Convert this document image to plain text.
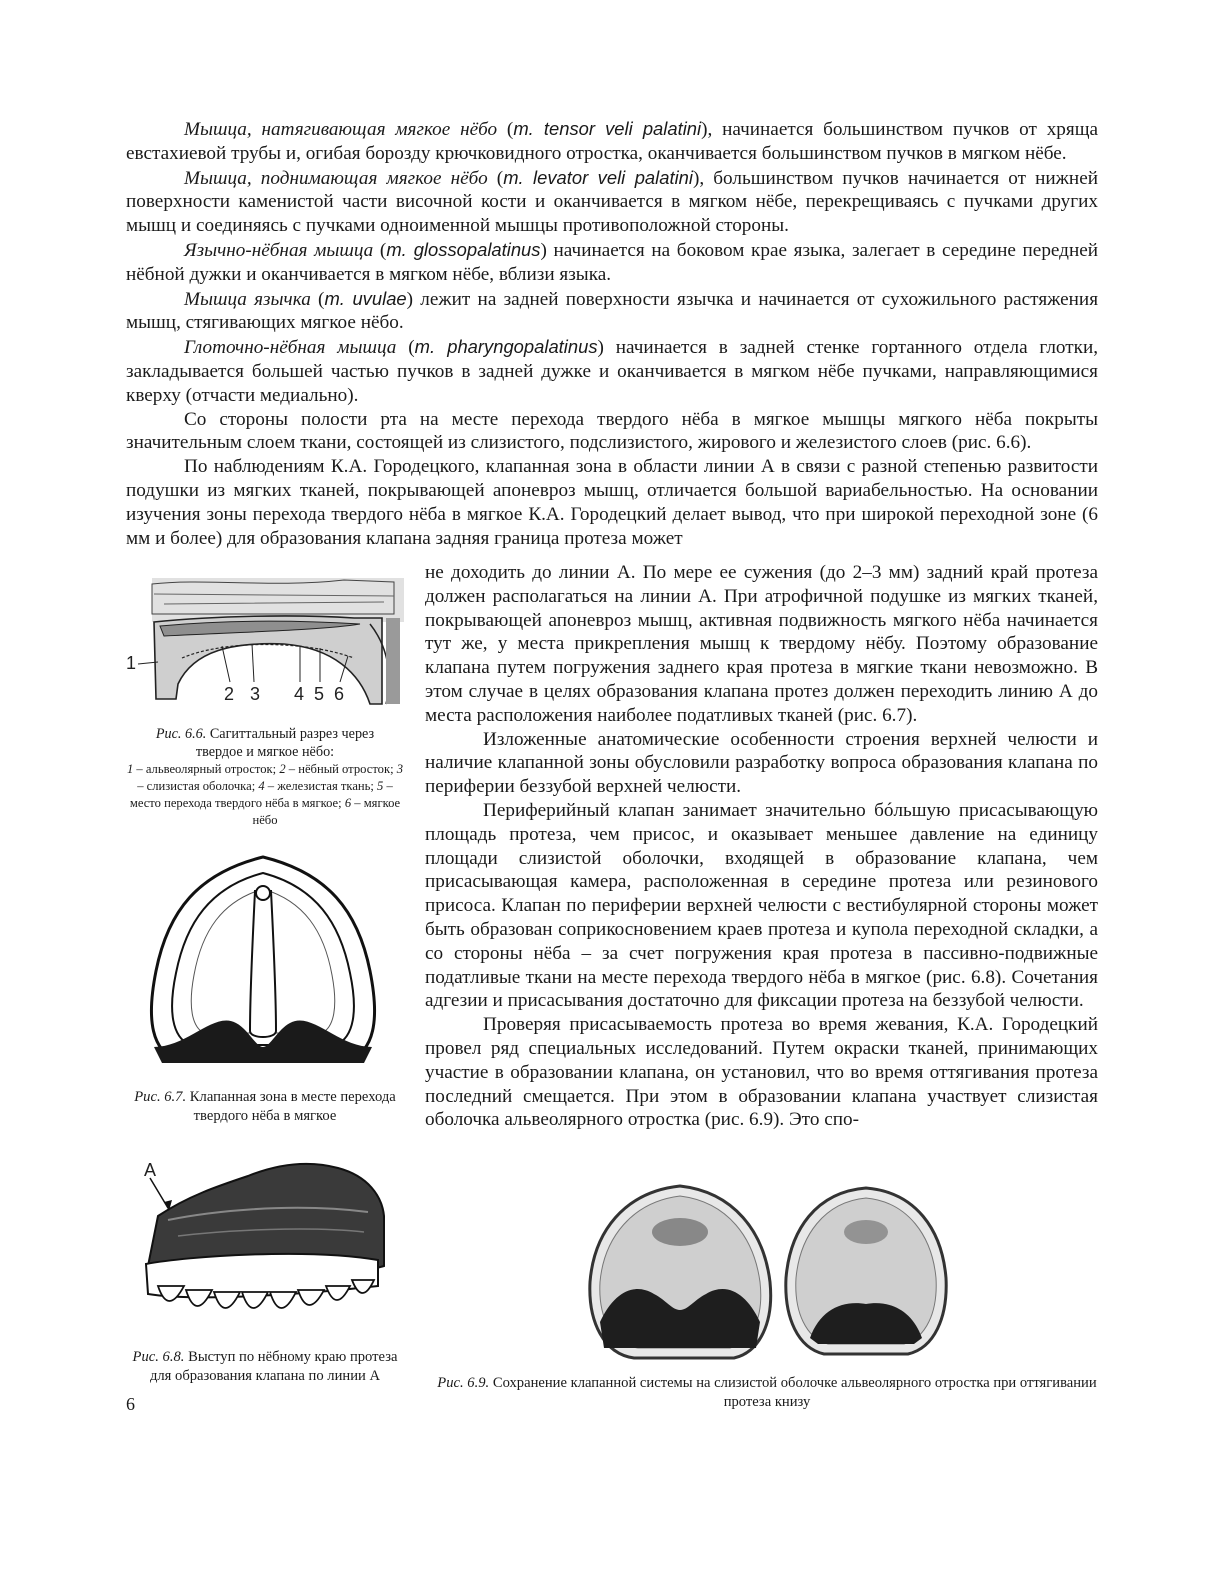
Мышца, натягивающая мягкое нёбо (m. tensor veli palatini), начинается большинством пучков от хряща евстахиевой трубы и, огибая борозду крючковидного отростка, оканчивается большинством пучков в мягком нёбе.

Мышца, поднимающая мягкое нёбо (m. levator veli palatini), большинством пучков начинается от нижней поверхности каменистой части височной кости и оканчивается в мягком нёбе, перекрещиваясь с пучками других мышц и соединяясь с пучками одноименной мышцы противоположной стороны.

Язычно-нёбная мышца (m. glossopalatinus) начинается на боковом крае языка, залегает в середине передней нёбной дужки и оканчивается в мягком нёбе, вблизи языка.

Мышца язычка (m. uvulae) лежит на задней поверхности язычка и начинается от сухожильного растяжения мышц, стягивающих мягкое нёбо.

Глоточно-нёбная мышца (m. pharyngopalatinus) начинается в задней стенке гортанного отдела глотки, закладывается большей частью пучков в задней дужке и оканчивается в мягком нёбе пучками, направляющимися кверху (отчасти медиально).

Со стороны полости рта на месте перехода твердого нёба в мягкое мышцы мягкого нёба покрыты значительным слоем ткани, состоящей из слизистого, подслизистого, жирового и железистого слоев (рис. 6.6).

По наблюдениям К.А. Городецкого, клапанная зона в области линии А в связи с разной степенью развитости подушки из мягких тканей, покрывающей апоневроз мышц, отличается большой вариабельностью. На основании изучения зоны перехода твердого нёба в мягкое К.А. Городецкий делает вывод, что при широкой переходной зоне (6 мм и более) для образования клапана задняя граница протеза может

не доходить до линии А. По мере ее сужения (до 2–3 мм) задний край протеза должен располагаться на линии А. При атрофичной подушке из мягких тканей, покрывающей апоневроз мышц, активная подвижность мягкого нёба начинается тут же, у места прикрепления мышц к твердому нёбу. Поэтому образование клапана путем погружения заднего края протеза в мягкие ткани невозможно. В этом случае в целях образования клапана протез должен переходить линию А до места расположения наиболее податливых тканей (рис. 6.7).

Изложенные анатомические особенности строения верхней челюсти и наличие клапанной зоны обусловили разработку вопроса образования клапана по периферии беззубой верхней челюсти.

Периферийный клапан занимает значительно бóльшую присасывающую площадь протеза, чем присос, и оказывает меньшее давление на единицу площади слизистой оболочки, входящей в образование клапана, чем присасывающая камера, расположенная в середине протеза или резинового присоса. Клапан по периферии верхней челюсти с вестибулярной стороны может быть образован соприкосновением краев протеза и купола переходной складки, а со стороны нёба – за счет погружения края протеза в пассивно-подвижные податливые ткани на месте перехода твердого нёба в мягкое (рис. 6.8). Сочетания адгезии и присасывания достаточно для фиксации протеза на беззубой челюсти.

Проверяя присасываемость протеза во время жевания, К.А. Городецкий провел ряд специальных исследований. Путем окраски тканей, принимающих участие в образовании клапана, он установил, что во время оттягивания протеза последний смещается. При этом в образовании клапана участвует слизистая оболочка альвеолярного отростка (рис. 6.9). Это спо-

1
2 3 4 5 6
Рис. 6.6. Сагиттальный разрез через
твердое и мягкое нёбо:
1 – альвеолярный отросток; 2 – нёбный отросток; 3 – слизистая оболочка; 4 – железистая ткань; 5 – место перехода твердого нёба в мягкое; 6 – мягкое нёбо
Рис. 6.7. Клапанная зона в месте перехода твердого нёба в мягкое
А
Рис. 6.8. Выступ по нёбному краю протеза для образования клапана по линии А	Рис. 6.9. Сохранение клапанной системы на слизистой оболочке альвеолярного отростка при оттягивании протеза книзу
6
